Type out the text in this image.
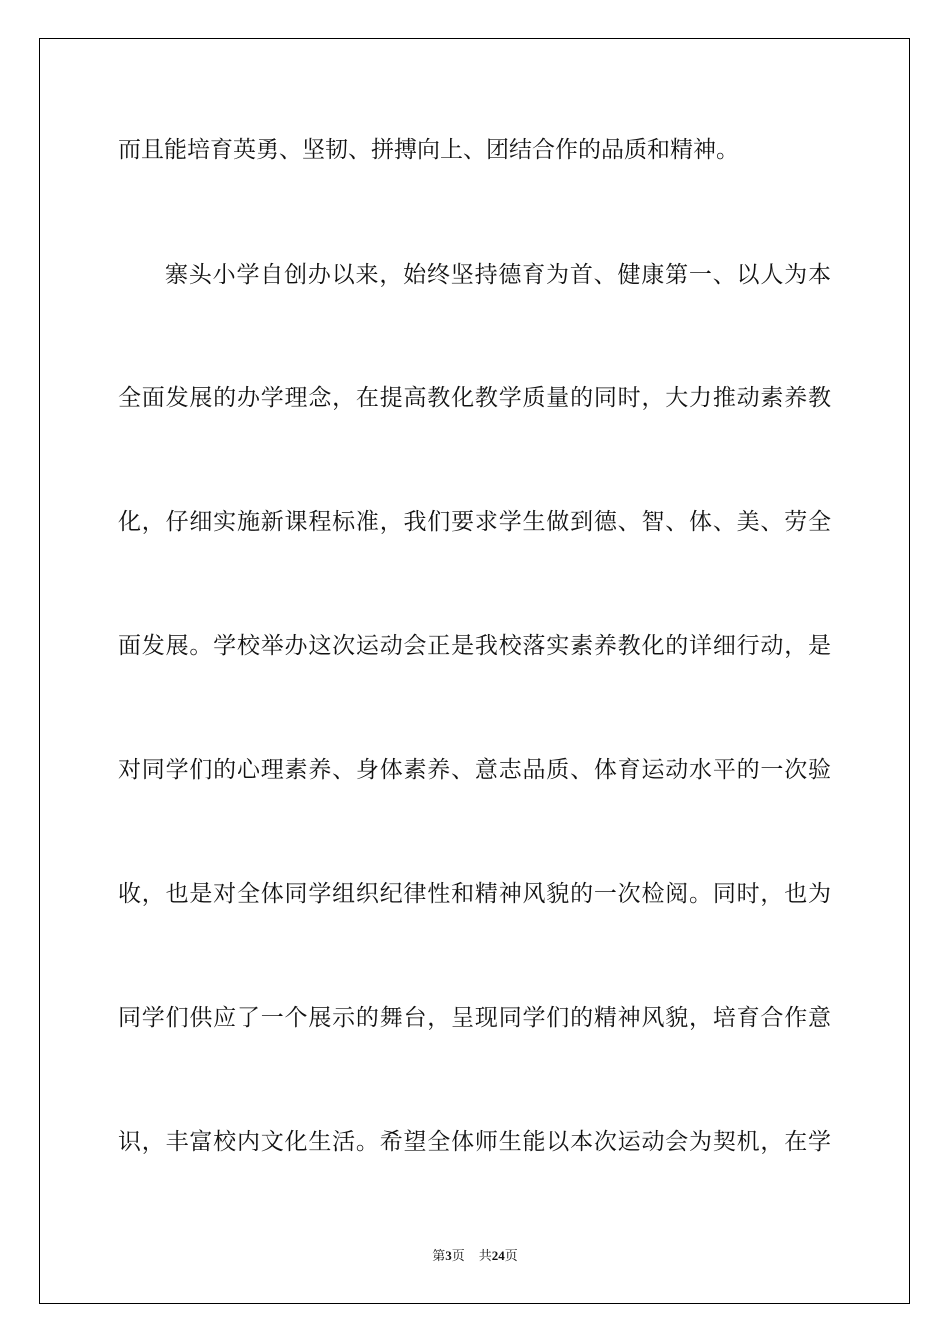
而且能培育英勇、坚韧、拼搏向上、团结合作的品质和精神。
寨头小学自创办以来，始终坚持德育为首、健康第一、以人为本
全面发展的办学理念，在提高教化教学质量的同时，大力推动素养教
化，仔细实施新课程标准，我们要求学生做到德、智、体、美、劳全
面发展。学校举办这次运动会正是我校落实素养教化的详细行动，是
对同学们的心理素养、身体素养、意志品质、体育运动水平的一次验
收，也是对全体同学组织纪律性和精神风貌的一次检阅。同时，也为
同学们供应了一个展示的舞台，呈现同学们的精神风貌，培育合作意
识，丰富校内文化生活。希望全体师生能以本次运动会为契机，在学
第3页 共24页
